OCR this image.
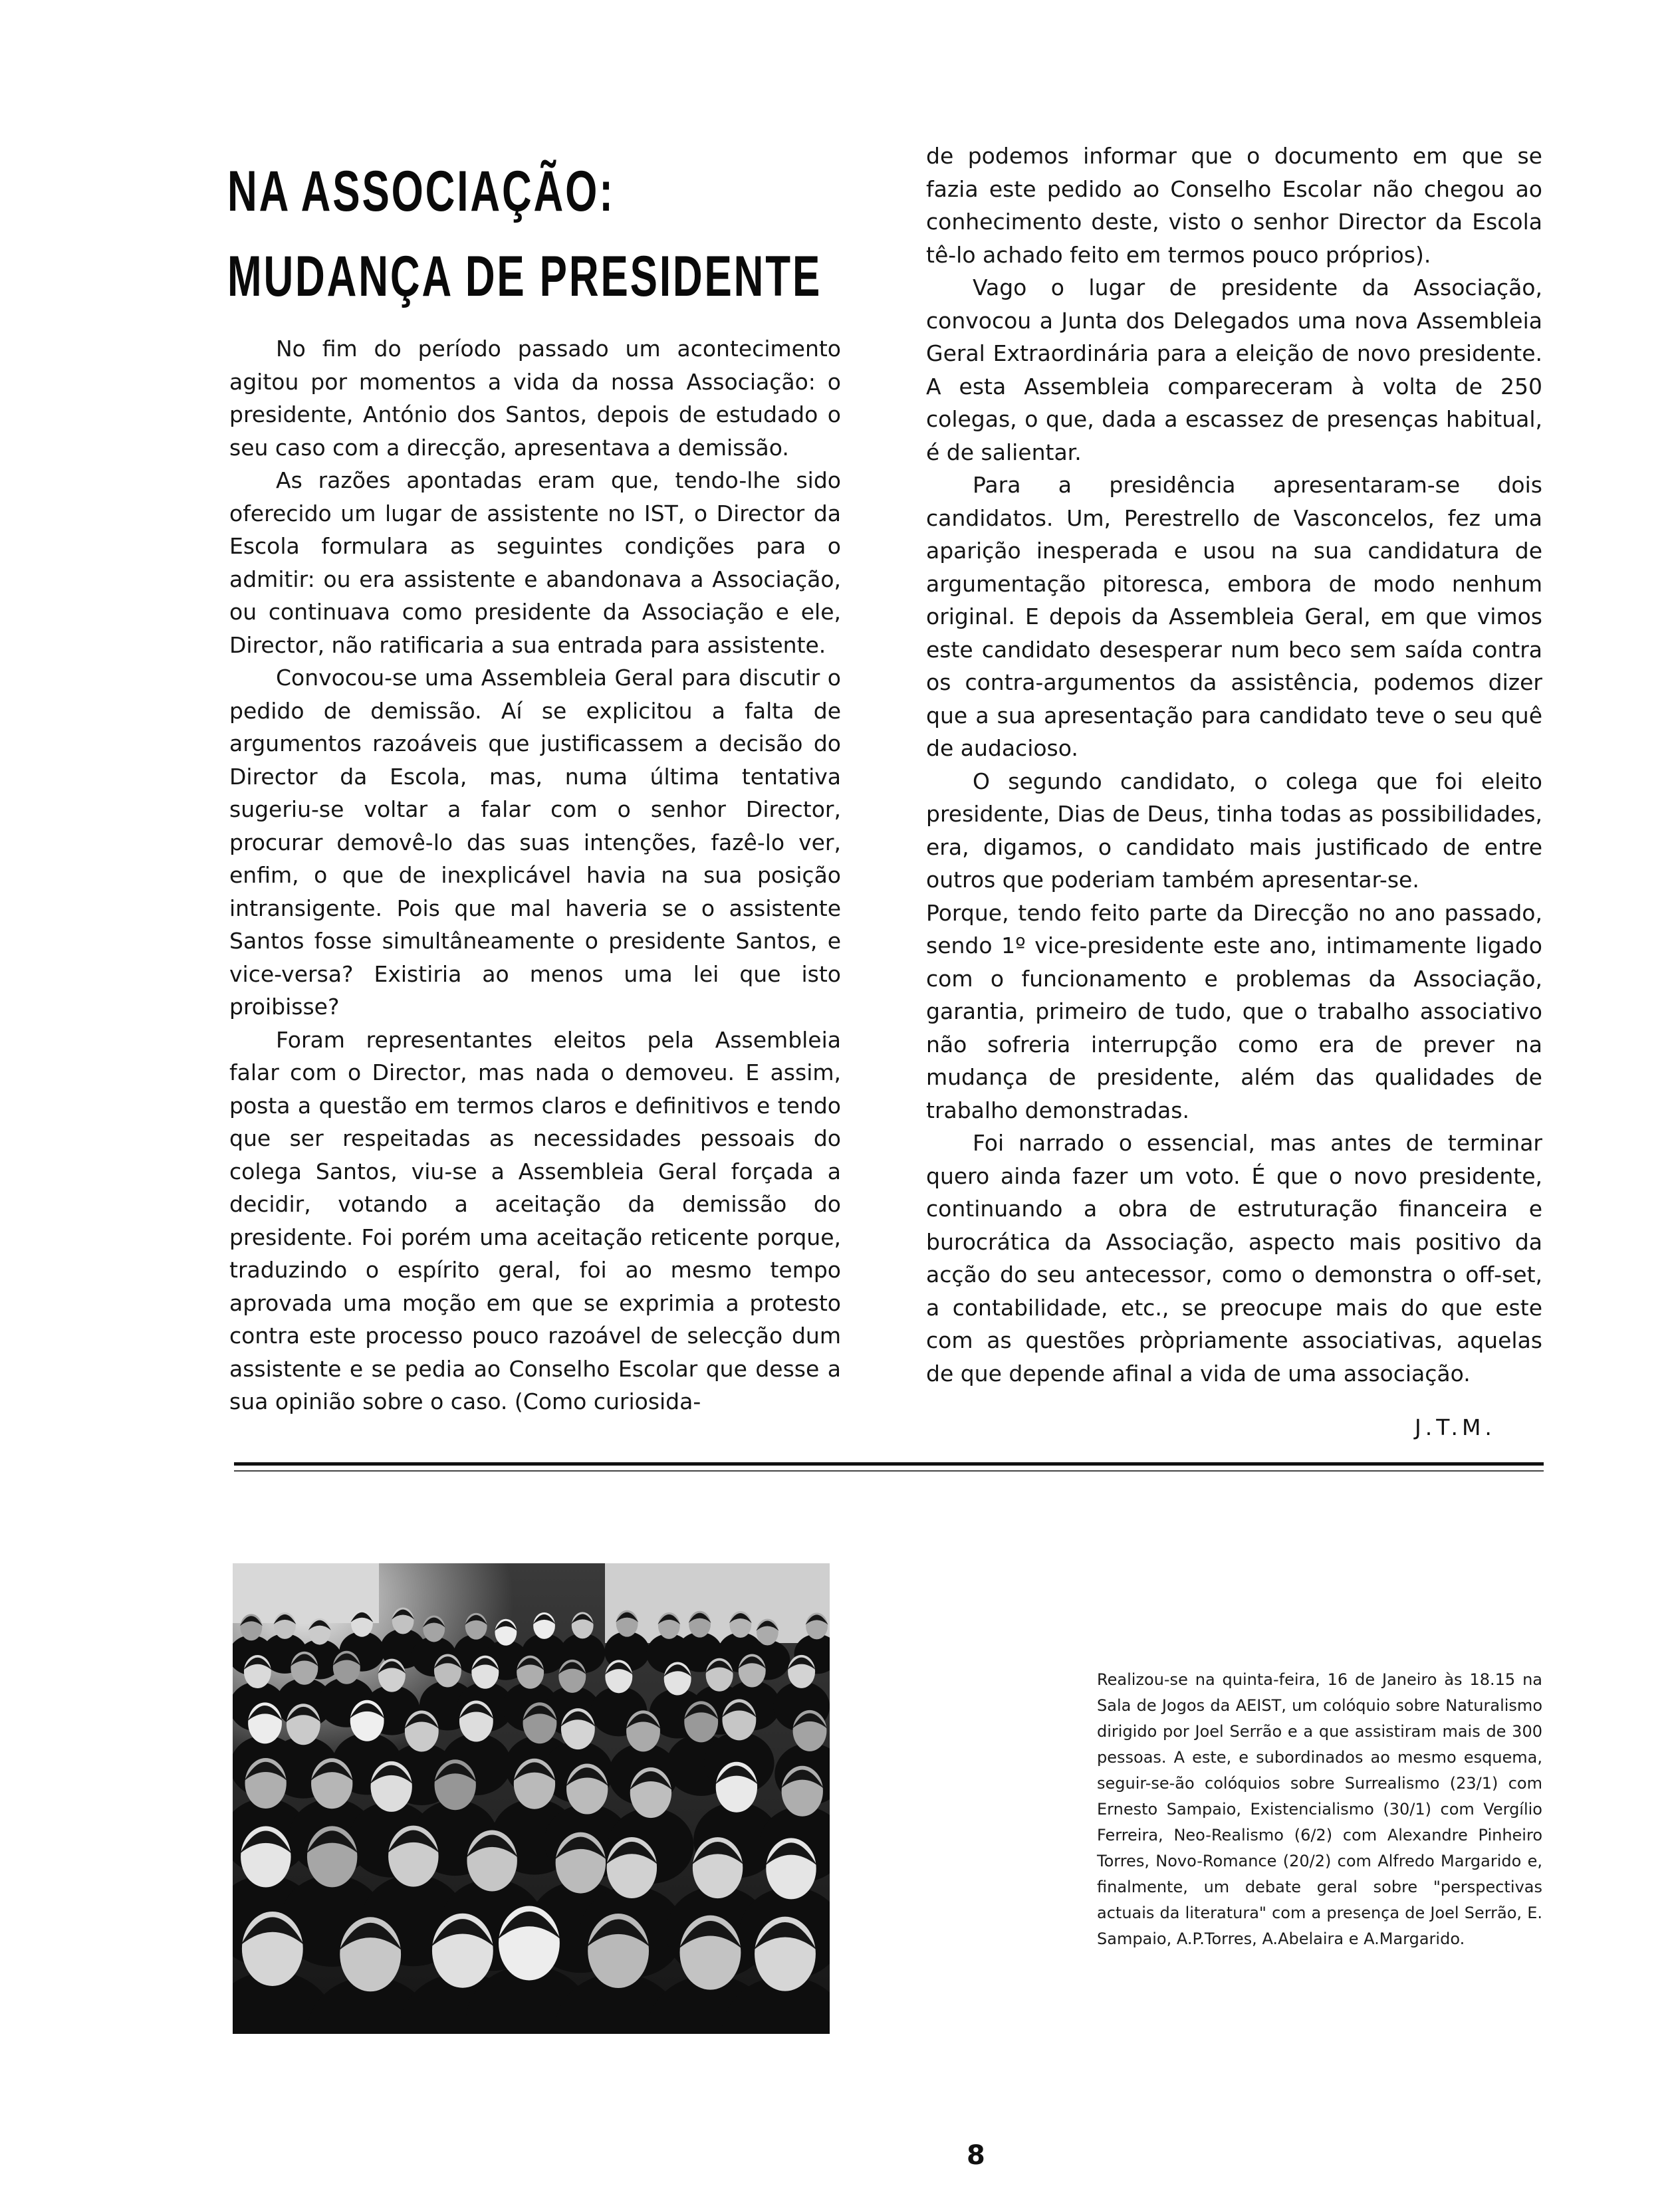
NA ASSOCIAÇÃO:
MUDANÇA DE PRESIDENTE

No fim do período passado um acontecimento agitou por momentos a vida da nossa Associação: o presidente, António dos Santos, depois de estudado o seu caso com a direcção, apresentava a demissão.

As razões apontadas eram que, tendo-lhe sido oferecido um lugar de assistente no IST, o Director da Escola formulara as seguintes condições para o admitir: ou era assistente e abandonava a Associação, ou continuava como presidente da Associação e ele, Director, não ratificaria a sua entrada para assistente.

Convocou-se uma Assembleia Geral para discutir o pedido de demissão. Aí se explicitou a falta de argumentos razoáveis que justificassem a decisão do Director da Escola, mas, numa última tentativa sugeriu-se voltar a falar com o senhor Director, procurar demovê-lo das suas intenções, fazê-lo ver, enfim, o que de inexplicável havia na sua posição intransigente. Pois que mal haveria se o assistente Santos fosse simultâneamente o presidente Santos, e vice-versa? Existiria ao menos uma lei que isto proibisse?

Foram representantes eleitos pela Assembleia falar com o Director, mas nada o demoveu. E assim, posta a questão em termos claros e definitivos e tendo que ser respeitadas as necessidades pessoais do colega Santos, viu-se a Assembleia Geral forçada a decidir, votando a aceitação da demissão do presidente. Foi porém uma aceitação reticente porque, traduzindo o espírito geral, foi ao mesmo tempo aprovada uma moção em que se exprimia a protesto contra este processo pouco razoável de selecção dum assistente e se pedia ao Conselho Escolar que desse a sua opinião sobre o caso. (Como curiosida-

de podemos informar que o documento em que se fazia este pedido ao Conselho Escolar não chegou ao conhecimento deste, visto o senhor Director da Escola tê-lo achado feito em termos pouco próprios).

Vago o lugar de presidente da Associação, convocou a Junta dos Delegados uma nova Assembleia Geral Extraordinária para a eleição de novo presidente. A esta Assembleia compareceram à volta de 250 colegas, o que, dada a escassez de presenças habitual, é de salientar.

Para a presidência apresentaram-se dois candidatos. Um, Perestrello de Vasconcelos, fez uma aparição inesperada e usou na sua candidatura de argumentação pitoresca, embora de modo nenhum original. E depois da Assembleia Geral, em que vimos este candidato desesperar num beco sem saída contra os contra-argumentos da assistência, podemos dizer que a sua apresentação para candidato teve o seu quê de audacioso.

O segundo candidato, o colega que foi eleito presidente, Dias de Deus, tinha todas as possibilidades, era, digamos, o candidato mais justificado de entre outros que poderiam também apresentar-se.

Porque, tendo feito parte da Direcção no ano passado, sendo 1º vice-presidente este ano, intimamente ligado com o funcionamento e problemas da Associação, garantia, primeiro de tudo, que o trabalho associativo não sofreria interrupção como era de prever na mudança de presidente, além das qualidades de trabalho demonstradas.

Foi narrado o essencial, mas antes de terminar quero ainda fazer um voto. É que o novo presidente, continuando a obra de estruturação financeira e burocrática da Associação, aspecto mais positivo da acção do seu antecessor, como o demonstra o off-set, a contabilidade, etc., se preocupe mais do que este com as questões pròpriamente associativas, aquelas de que depende afinal a vida de uma associação.

J.T.M.
Realizou-se na quinta-feira, 16 de Janeiro às 18.15 na Sala de Jogos da AEIST, um colóquio sobre Naturalismo dirigido por Joel Serrão e a que assistiram mais de 300 pessoas. A este, e subordinados ao mesmo esquema, seguir-se-ão colóquios sobre Surrealismo (23/1) com Ernesto Sampaio, Existencialismo (30/1) com Vergílio Ferreira, Neo-Realismo (6/2) com Alexandre Pinheiro Torres, Novo-Romance (20/2) com Alfredo Margarido e, finalmente, um debate geral sobre "perspectivas actuais da literatura" com a presença de Joel Serrão, E. Sampaio, A.P.Torres, A.Abelaira e A.Margarido.
8
